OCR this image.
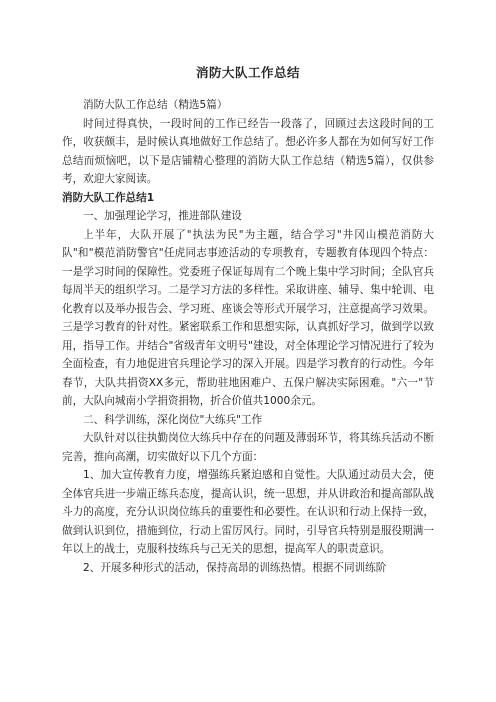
消防大队工作总结

消防大队工作总结（精选5篇）

时间过得真快，一段时间的工作已经告一段落了，回顾过去这段时间的工作，收获颇丰，是时候认真地做好工作总结了。想必许多人都在为如何写好工作总结而烦恼吧，以下是店铺精心整理的消防大队工作总结（精选5篇），仅供参考，欢迎大家阅读。

消防大队工作总结1

一、加强理论学习，推进部队建设

上半年，大队开展了"执法为民"为主题，结合学习"井冈山模范消防大队"和"模范消防警官"任虎同志事迹活动的专项教育，专题教育体现四个特点：一是学习时间的保障性。党委班子保证每周有二个晚上集中学习时间；全队官兵每周半天的组织学习。二是学习方法的多样性。采取讲座、辅导、集中轮训、电化教育以及举办报告会、学习班、座谈会等形式开展学习，注意提高学习效果。三是学习教育的针对性。紧密联系工作和思想实际，认真抓好学习，做到学以致用，指导工作。并结合"省级青年文明号"建设，对全体理论学习情况进行了较为全面检查，有力地促进官兵理论学习的深入开展。四是学习教育的行动性。今年春节，大队共捐资XX多元，帮助驻地困难户、五保户解决实际困难。"六一"节前，大队向城南小学捐资捐物，折合价值共1000余元。

二、科学训练，深化岗位"大练兵"工作

大队针对以往执勤岗位大练兵中存在的问题及薄弱环节，将其练兵活动不断完善，推向高潮，切实做好以下几个方面：

1、加大宣传教育力度，增强练兵紧迫感和自觉性。大队通过动员大会，使全体官兵进一步端正练兵态度，提高认识，统一思想，并从讲政治和提高部队战斗力的高度，充分认识岗位练兵的重要性和必要性。在认识和行动上保持一致，做到认识到位，措施到位，行动上雷厉风行。同时，引导官兵特别是服役期满一年以上的战士，克服科技练兵与己无关的思想，提高军人的职责意识。

2、开展多种形式的活动，保持高昂的训练热情。根据不同训练阶
